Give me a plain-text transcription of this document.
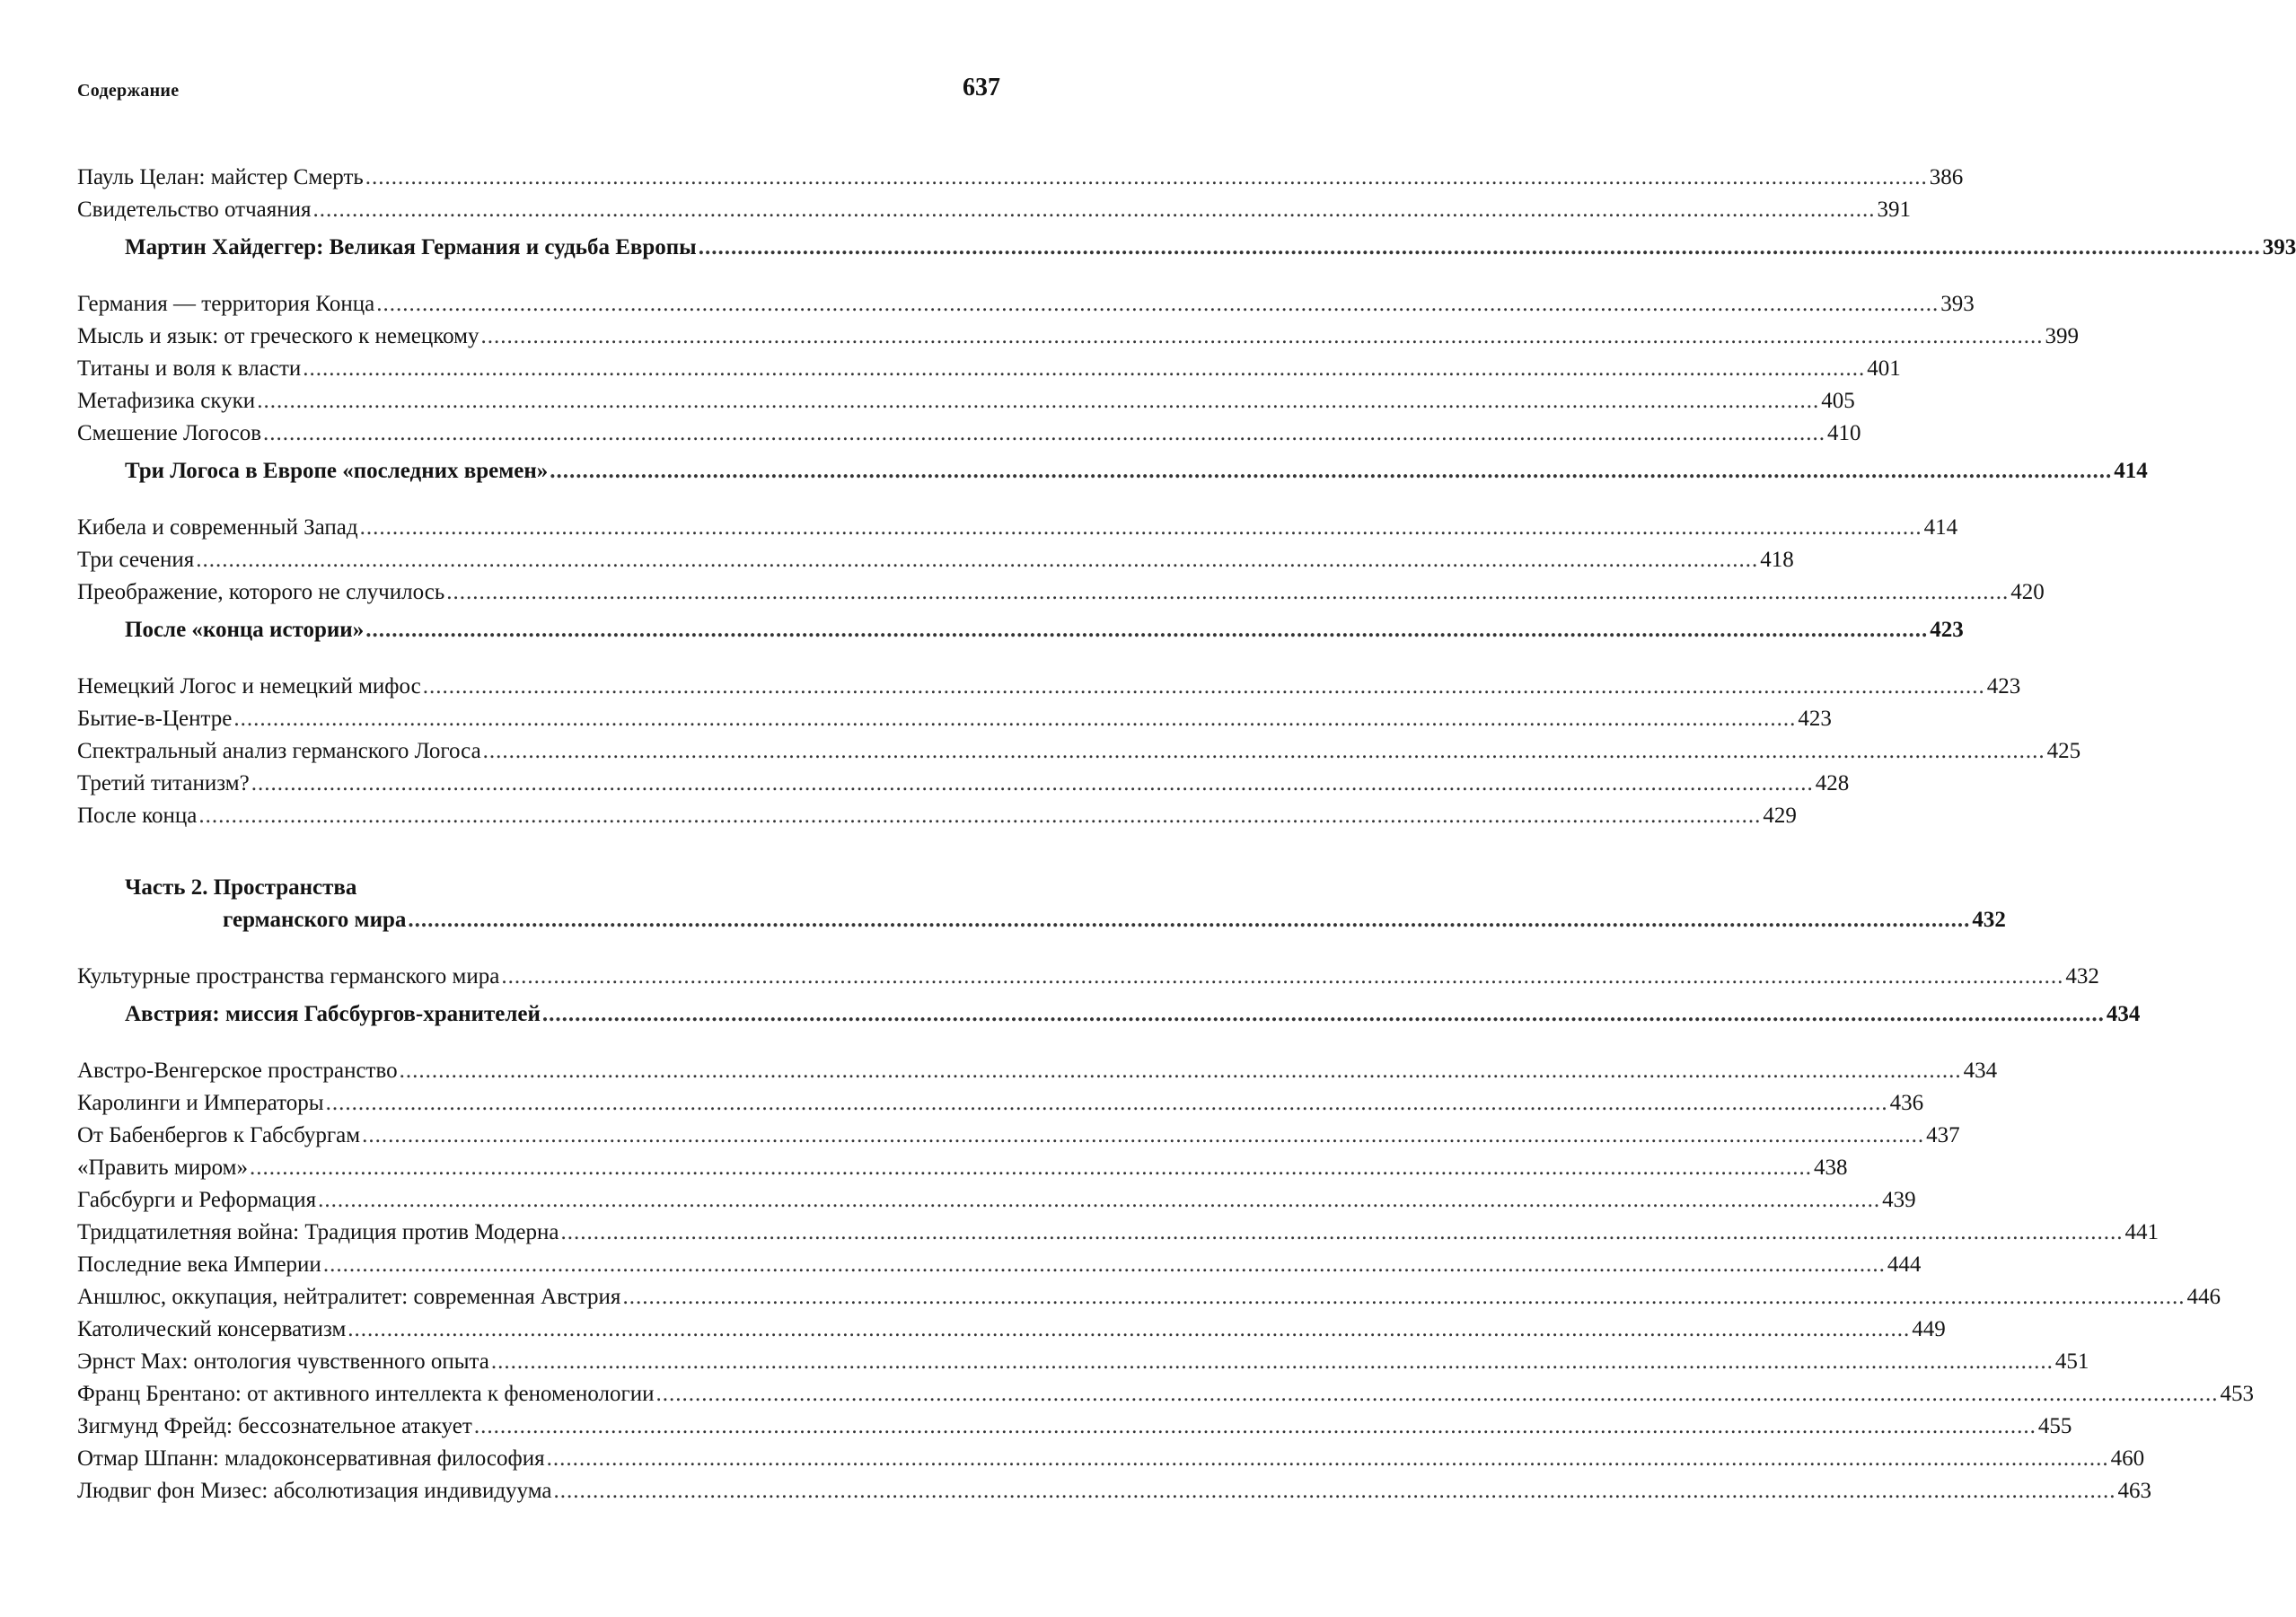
Содержание	637
Пауль Целан: майстер Смерть ................................................................................................................................................................................................................................................ 386
Свидетельство отчаяния ................................................................................................................................................................................................................................................ 391
Мартин Хайдеггер: Великая Германия и судьба Европы ................................................................................................................................................................................................................................................ 393
Германия — территория Конца ................................................................................................................................................................................................................................................ 393
Мысль и язык: от греческого к немецкому ................................................................................................................................................................................................................................................ 399
Титаны и воля к власти ................................................................................................................................................................................................................................................ 401
Метафизика скуки ................................................................................................................................................................................................................................................ 405
Смешение Логосов ................................................................................................................................................................................................................................................ 410
Три Логоса в Европе «последних времен» ................................................................................................................................................................................................................................................ 414
Кибела и современный Запад ................................................................................................................................................................................................................................................ 414
Три сечения ................................................................................................................................................................................................................................................ 418
Преображение, которого не случилось ................................................................................................................................................................................................................................................ 420
После «конца истории» ................................................................................................................................................................................................................................................ 423
Немецкий Логос и немецкий мифос ................................................................................................................................................................................................................................................ 423
Бытие-в-Центре ................................................................................................................................................................................................................................................ 423
Спектральный анализ германского Логоса ................................................................................................................................................................................................................................................ 425
Третий титанизм? ................................................................................................................................................................................................................................................ 428
После конца ................................................................................................................................................................................................................................................ 429
Часть 2. Пространства
германского мира ................................................................................................................................................................................................................................................ 432
Культурные пространства германского мира ................................................................................................................................................................................................................................................ 432
Австрия: миссия Габсбургов-хранителей ................................................................................................................................................................................................................................................ 434
Австро-Венгерское пространство ................................................................................................................................................................................................................................................ 434
Каролинги и Императоры ................................................................................................................................................................................................................................................ 436
От Бабенбергов к Габсбургам ................................................................................................................................................................................................................................................ 437
«Править миром» ................................................................................................................................................................................................................................................ 438
Габсбурги и Реформация ................................................................................................................................................................................................................................................ 439
Тридцатилетняя война: Традиция против Модерна ................................................................................................................................................................................................................................................ 441
Последние века Империи ................................................................................................................................................................................................................................................ 444
Аншлюс, оккупация, нейтралитет: современная Австрия ................................................................................................................................................................................................................................................ 446
Католический консерватизм ................................................................................................................................................................................................................................................ 449
Эрнст Мах: онтология чувственного опыта ................................................................................................................................................................................................................................................ 451
Франц Брентано: от активного интеллекта к феноменологии ................................................................................................................................................................................................................................................ 453
Зигмунд Фрейд: бессознательное атакует ................................................................................................................................................................................................................................................ 455
Отмар Шпанн: младоконсервативная философия ................................................................................................................................................................................................................................................ 460
Людвиг фон Мизес: абсолютизация индивидуума ................................................................................................................................................................................................................................................ 463
